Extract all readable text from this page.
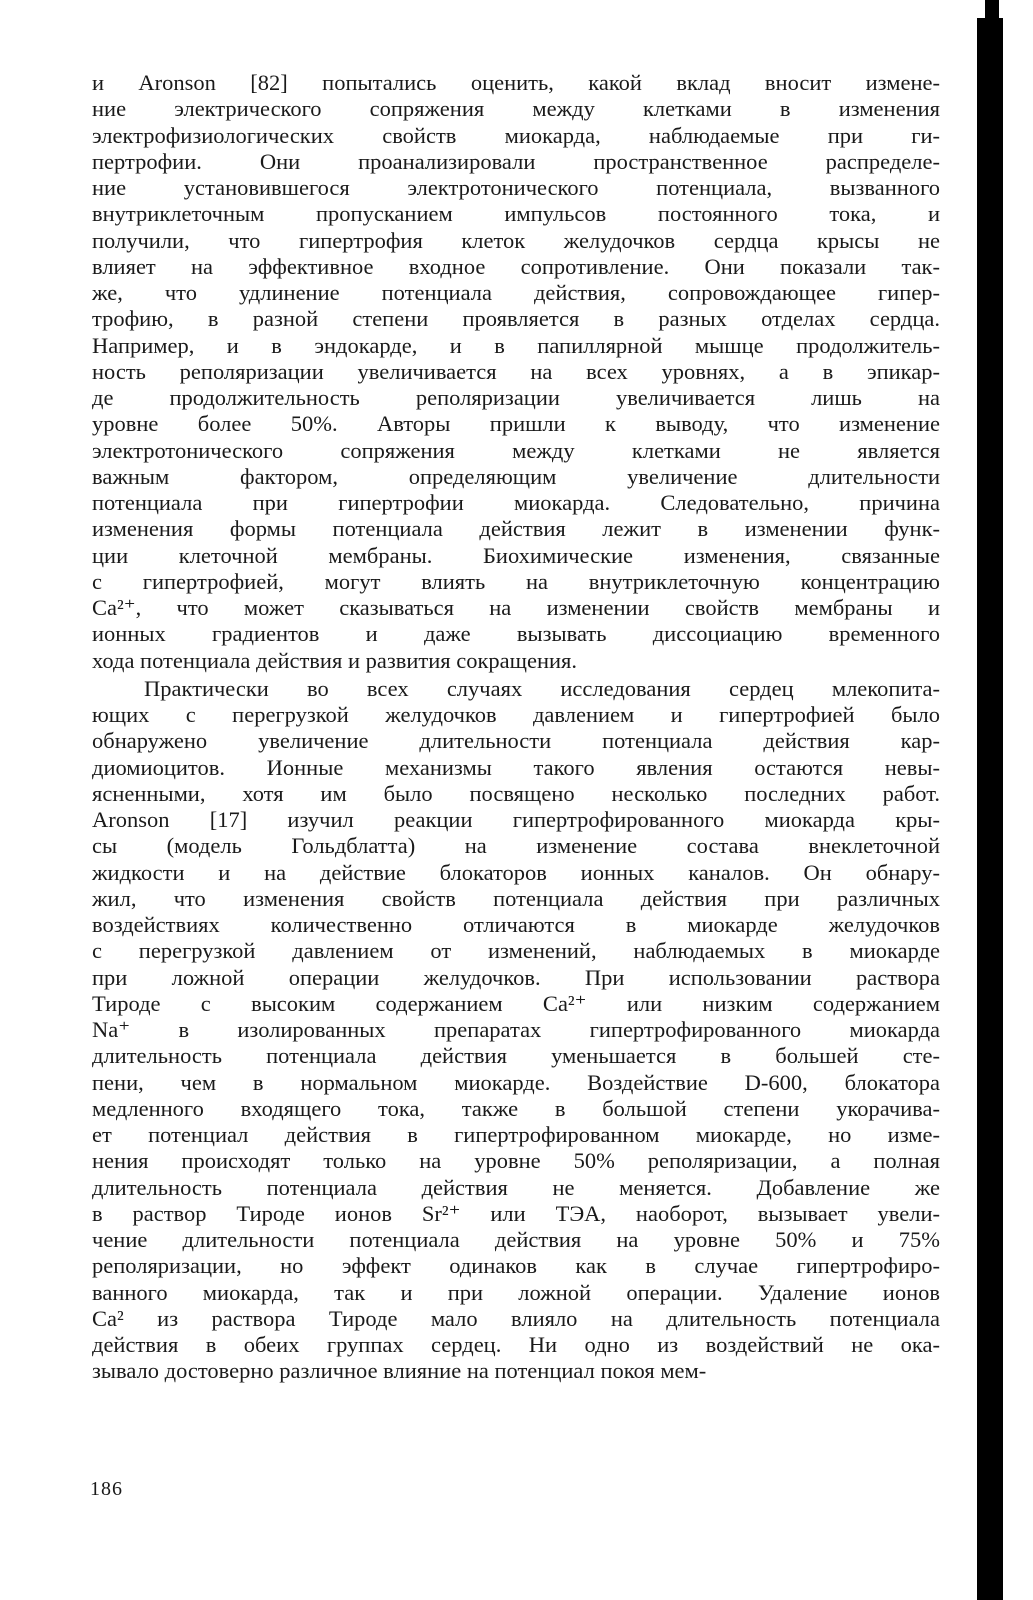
и Aronson [82] попытались оценить, какой вклад вносит измене-
ние электрического сопряжения между клетками в изменения
электрофизиологических свойств миокарда, наблюдаемые при ги-
пертрофии. Они проанализировали пространственное распределе-
ние установившегося электротонического потенциала, вызванного
внутриклеточным пропусканием импульсов постоянного тока, и
получили, что гипертрофия клеток желудочков сердца крысы не
влияет на эффективное входное сопротивление. Они показали так-
же, что удлинение потенциала действия, сопровождающее гипер-
трофию, в разной степени проявляется в разных отделах сердца.
Например, и в эндокарде, и в папиллярной мышце продолжитель-
ность реполяризации увеличивается на всех уровнях, а в эпикар-
де продолжительность реполяризации увеличивается лишь на
уровне более 50%. Авторы пришли к выводу, что изменение
электротонического сопряжения между клетками не является
важным фактором, определяющим увеличение длительности
потенциала при гипертрофии миокарда. Следовательно, причина
изменения формы потенциала действия лежит в изменении функ-
ции клеточной мембраны. Биохимические изменения, связанные
с гипертрофией, могут влиять на внутриклеточную концентрацию
Ca²⁺, что может сказываться на изменении свойств мембраны и
ионных градиентов и даже вызывать диссоциацию временного
хода потенциала действия и развития сокращения.
Практически во всех случаях исследования сердец млекопита-
ющих с перегрузкой желудочков давлением и гипертрофией было
обнаружено увеличение длительности потенциала действия кар-
диомиоцитов. Ионные механизмы такого явления остаются невы-
ясненными, хотя им было посвящено несколько последних работ.
Aronson [17] изучил реакции гипертрофированного миокарда кры-
сы (модель Гольдблатта) на изменение состава внеклеточной
жидкости и на действие блокаторов ионных каналов. Он обнару-
жил, что изменения свойств потенциала действия при различных
воздействиях количественно отличаются в миокарде желудочков
с перегрузкой давлением от изменений, наблюдаемых в миокарде
при ложной операции желудочков. При использовании раствора
Тироде с высоким содержанием Ca²⁺ или низким содержанием
Na⁺ в изолированных препаратах гипертрофированного миокарда
длительность потенциала действия уменьшается в большей сте-
пени, чем в нормальном миокарде. Воздействие D-600, блокатора
медленного входящего тока, также в большой степени укорачива-
ет потенциал действия в гипертрофированном миокарде, но изме-
нения происходят только на уровне 50% реполяризации, а полная
длительность потенциала действия не меняется. Добавление же
в раствор Тироде ионов Sr²⁺ или ТЭА, наоборот, вызывает увели-
чение длительности потенциала действия на уровне 50% и 75%
реполяризации, но эффект одинаков как в случае гипертрофиро-
ванного миокарда, так и при ложной операции. Удаление ионов
Ca² из раствора Тироде мало влияло на длительность потенциала
действия в обеих группах сердец. Ни одно из воздействий не ока-
зывало достоверно различное влияние на потенциал покоя мем-
186
